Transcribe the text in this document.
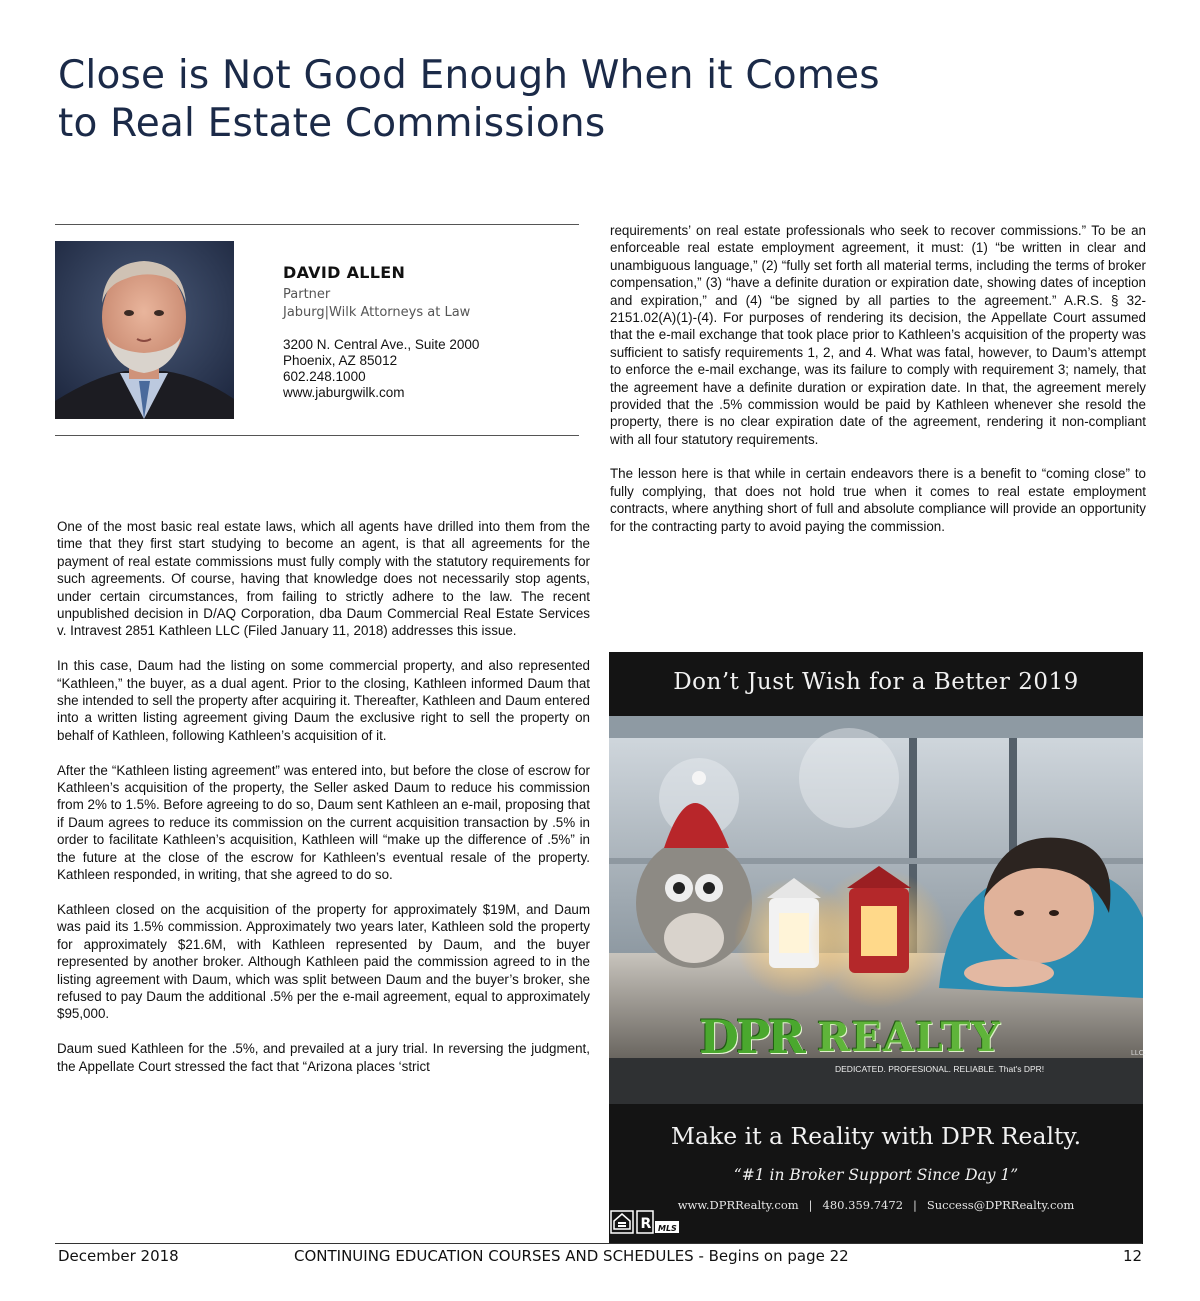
Close is Not Good Enough When it Comes
to Real Estate Commissions
DAVID ALLEN
Partner
Jaburg|Wilk Attorneys at Law
3200 N. Central Ave., Suite 2000
Phoenix, AZ 85012
602.248.1000
www.jaburgwilk.com

One of the most basic real estate laws, which all agents have drilled into them from the time that they first start studying to become an agent, is that all agreements for the payment of real estate commissions must fully comply with the statutory requirements for such agreements. Of course, having that knowledge does not necessarily stop agents, under certain circumstances, from failing to strictly adhere to the law. The recent unpublished decision in D/AQ Corporation, dba Daum Commercial Real Estate Services v. Intravest 2851 Kathleen LLC (Filed January 11, 2018) addresses this issue.

In this case, Daum had the listing on some commercial property, and also represented “Kathleen,” the buyer, as a dual agent. Prior to the closing, Kathleen informed Daum that she intended to sell the property after acquiring it. Thereafter, Kathleen and Daum entered into a written listing agreement giving Daum the exclusive right to sell the property on behalf of Kathleen, following Kathleen’s acquisition of it.

After the “Kathleen listing agreement” was entered into, but before the close of escrow for Kathleen’s acquisition of the property, the Seller asked Daum to reduce his commission from 2% to 1.5%. Before agreeing to do so, Daum sent Kathleen an e-mail, proposing that if Daum agrees to reduce its commission on the current acquisition transaction by .5% in order to facilitate Kathleen’s acquisition, Kathleen will “make up the difference of .5%” in the future at the close of the escrow for Kathleen’s eventual resale of the property. Kathleen responded, in writing, that she agreed to do so.

Kathleen closed on the acquisition of the property for approximately $19M, and Daum was paid its 1.5% commission. Approximately two years later, Kathleen sold the property for approximately $21.6M, with Kathleen represented by Daum, and the buyer represented by another broker. Although Kathleen paid the commission agreed to in the listing agreement with Daum, which was split between Daum and the buyer’s broker, she refused to pay Daum the additional .5% per the e-mail agreement, equal to approximately $95,000.

Daum sued Kathleen for the .5%, and prevailed at a jury trial. In reversing the judgment, the Appellate Court stressed the fact that “Arizona places ‘strict

requirements’ on real estate professionals who seek to recover commissions.” To be an enforceable real estate employment agreement, it must: (1) “be written in clear and unambiguous language,” (2) “fully set forth all material terms, including the terms of broker compensation,” (3) “have a definite duration or expiration date, showing dates of inception and expiration,” and (4) “be signed by all parties to the agreement.” A.R.S. § 32-2151.02(A)(1)-(4). For purposes of rendering its decision, the Appellate Court assumed that the e-mail exchange that took place prior to Kathleen’s acquisition of the property was sufficient to satisfy requirements 1, 2, and 4. What was fatal, however, to Daum’s attempt to enforce the e-mail exchange, was its failure to comply with requirement 3; namely, that the agreement have a definite duration or expiration date. In that, the agreement merely provided that the .5% commission would be paid by Kathleen whenever she resold the property, there is no clear expiration date of the agreement, rendering it non-compliant with all four statutory requirements.

The lesson here is that while in certain endeavors there is a benefit to “coming close” to fully complying, that does not hold true when it comes to real estate employment contracts, where anything short of full and absolute compliance will provide an opportunity for the contracting party to avoid paying the commission.

Don’t Just Wish for a Better 2019
DPR REALTY	LLC.
DEDICATED. PROFESIONAL. RELIABLE. That's DPR!
Make it a Reality with DPR Realty.
“#1 in Broker Support Since Day 1”
www.DPRRealty.com | 480.359.7472 | Success@DPRRealty.com
R MLS
December 2018	CONTINUING EDUCATION COURSES AND SCHEDULES - Begins on page 22	12
